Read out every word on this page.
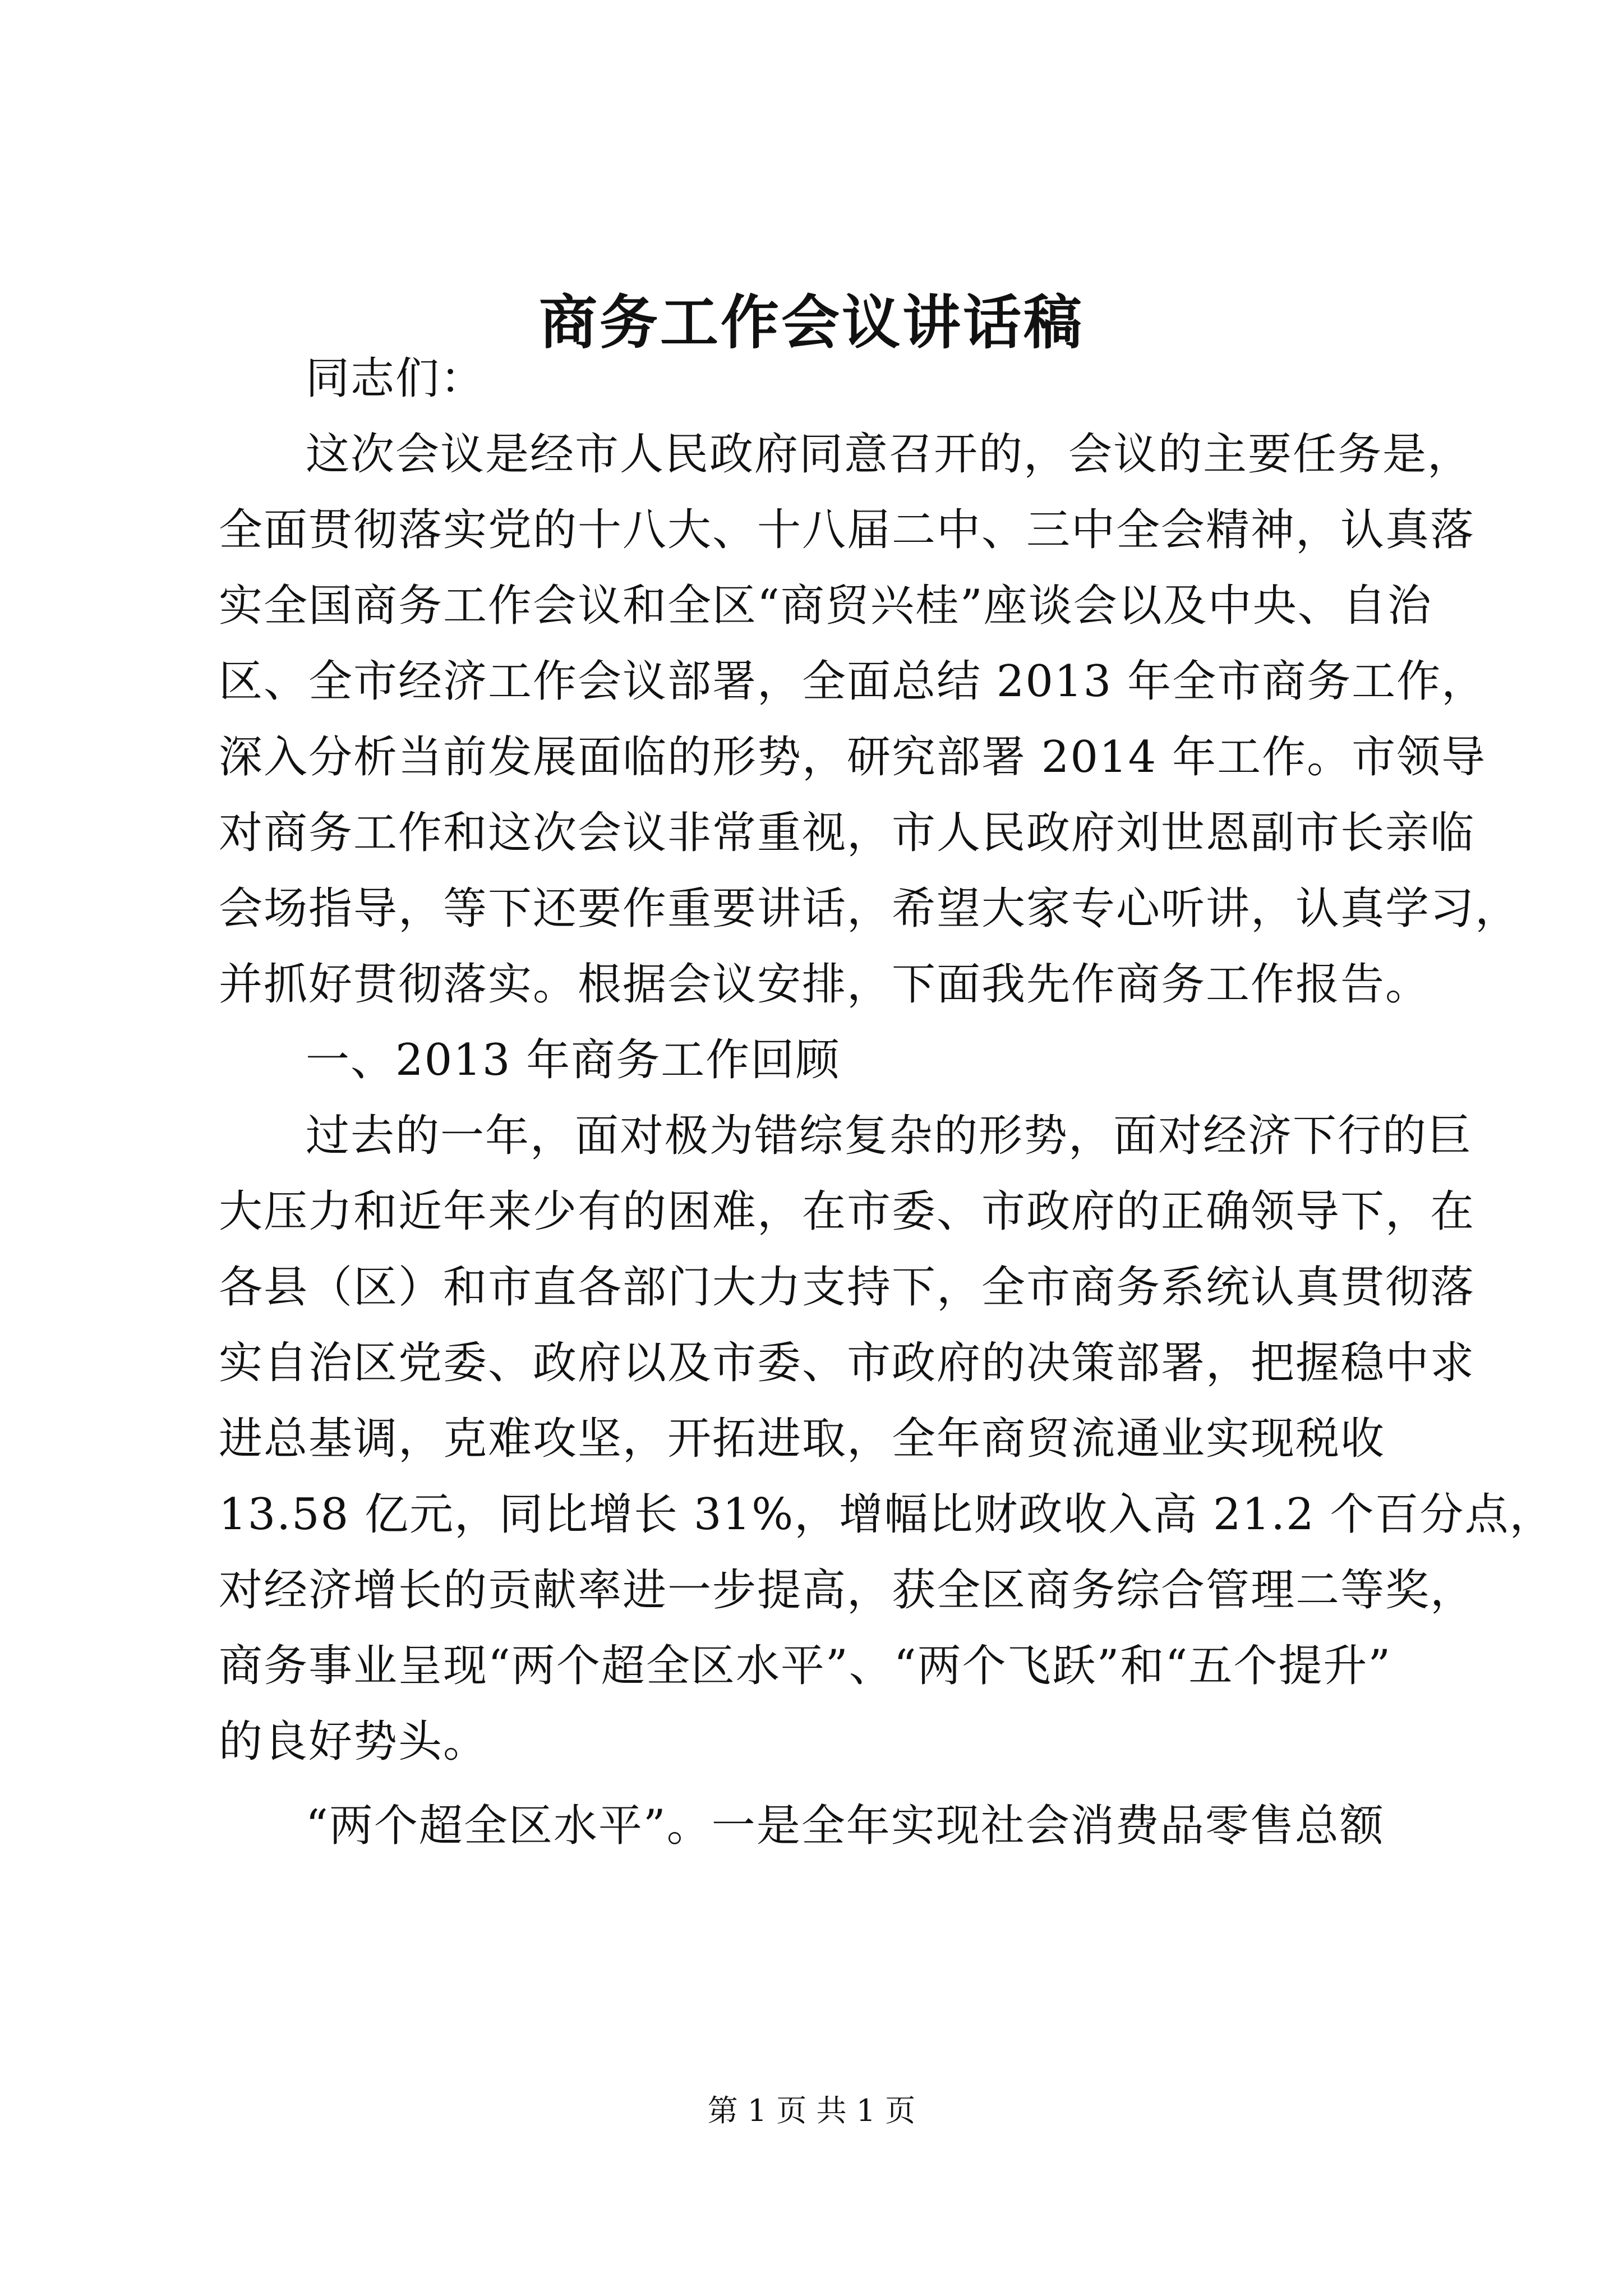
商务工作会议讲话稿
同志们：
这次会议是经市人民政府同意召开的，会议的主要任务是，
全面贯彻落实党的十八大、十八届二中、三中全会精神，认真落
实全国商务工作会议和全区“商贸兴桂”座谈会以及中央、自治
区、全市经济工作会议部署，全面总结 2013 年全市商务工作，
深入分析当前发展面临的形势，研究部署 2014 年工作。市领导
对商务工作和这次会议非常重视，市人民政府刘世恩副市长亲临
会场指导，等下还要作重要讲话，希望大家专心听讲，认真学习，
并抓好贯彻落实。根据会议安排，下面我先作商务工作报告。
一、2013 年商务工作回顾
过去的一年，面对极为错综复杂的形势，面对经济下行的巨
大压力和近年来少有的困难，在市委、市政府的正确领导下，在
各县（区）和市直各部门大力支持下，全市商务系统认真贯彻落
实自治区党委、政府以及市委、市政府的决策部署，把握稳中求
进总基调，克难攻坚，开拓进取，全年商贸流通业实现税收
13.58 亿元，同比增长 31%，增幅比财政收入高 21.2 个百分点，
对经济增长的贡献率进一步提高，获全区商务综合管理二等奖，
商务事业呈现“两个超全区水平”、“两个飞跃”和“五个提升”
的良好势头。
“两个超全区水平”。一是全年实现社会消费品零售总额
第 1 页 共 1 页
